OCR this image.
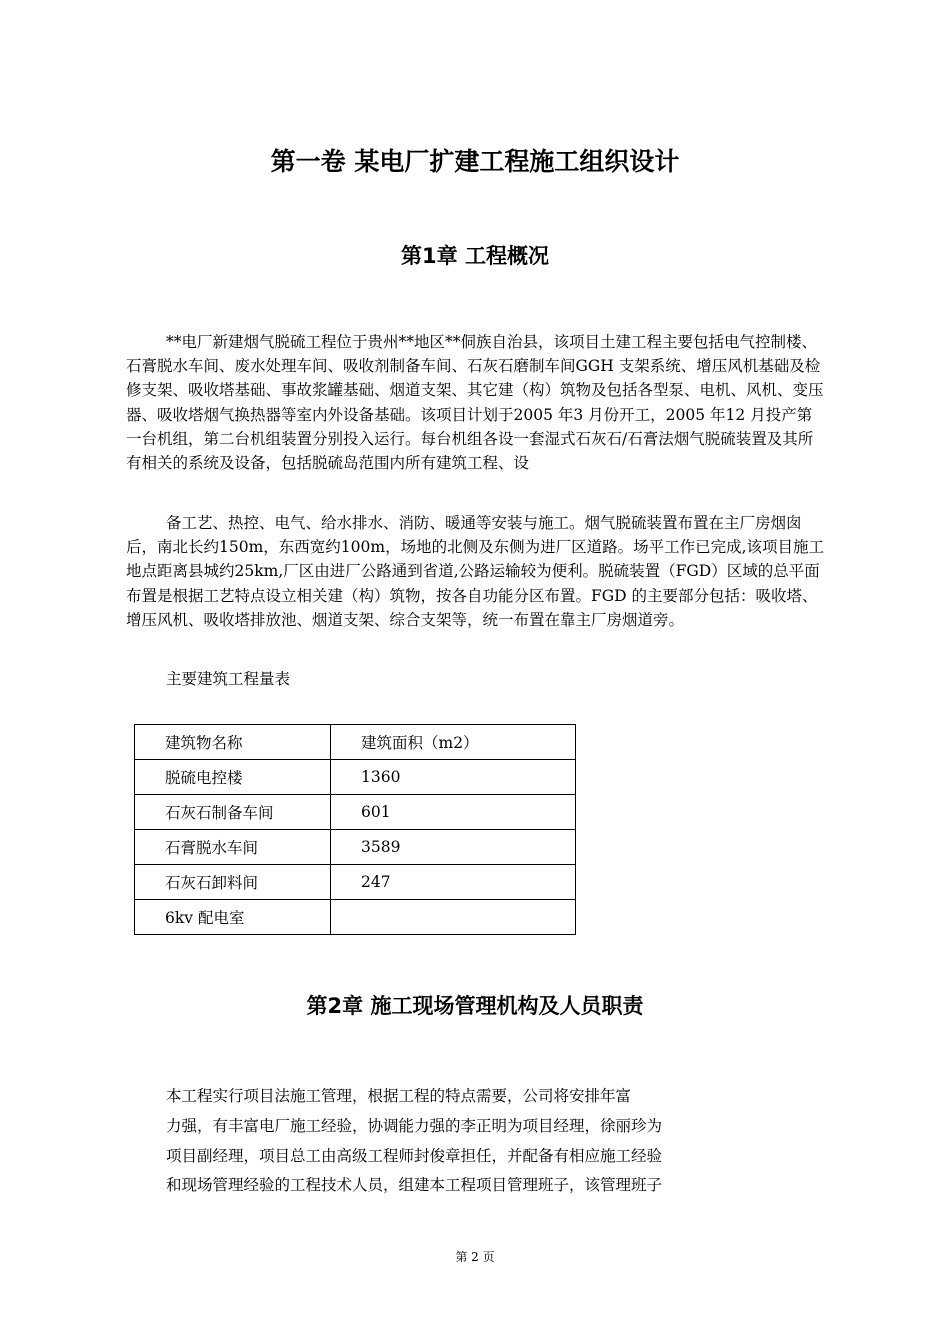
第一卷 某电厂扩建工程施工组织设计
第1章 工程概况

**电厂新建烟气脱硫工程位于贵州**地区**侗族自治县，该项目土建工程主要包括电气控制楼、石膏脱水车间、废水处理车间、吸收剂制备车间、石灰石磨制车间GGH 支架系统、增压风机基础及检修支架、吸收塔基础、事故浆罐基础、烟道支架、其它建（构）筑物及包括各型泵、电机、风机、变压器、吸收塔烟气换热器等室内外设备基础。该项目计划于2005 年3 月份开工，2005 年12 月投产第一台机组，第二台机组装置分别投入运行。每台机组各设一套湿式石灰石/石膏法烟气脱硫装置及其所有相关的系统及设备，包括脱硫岛范围内所有建筑工程、设

备工艺、热控、电气、给水排水、消防、暖通等安装与施工。烟气脱硫装置布置在主厂房烟囱后，南北长约150m，东西宽约100m，场地的北侧及东侧为进厂区道路。场平工作已完成,该项目施工地点距离县城约25km,厂区由进厂公路通到省道,公路运输较为便利。脱硫装置（FGD）区域的总平面布置是根据工艺特点设立相关建（构）筑物，按各自功能分区布置。FGD 的主要部分包括：吸收塔、增压风机、吸收塔排放池、烟道支架、综合支架等，统一布置在靠主厂房烟道旁。

主要建筑工程量表
建筑物名称	建筑面积（m2）
脱硫电控楼	1360
石灰石制备车间	601
石膏脱水车间	3589
石灰石卸料间	247
6kv 配电室	
第2章 施工现场管理机构及人员职责
本工程实行项目法施工管理，根据工程的特点需要，公司将安排年富
力强，有丰富电厂施工经验，协调能力强的李正明为项目经理，徐丽珍为
项目副经理，项目总工由高级工程师封俊章担任，并配备有相应施工经验
和现场管理经验的工程技术人员，组建本工程项目管理班子，该管理班子
第 2 页
